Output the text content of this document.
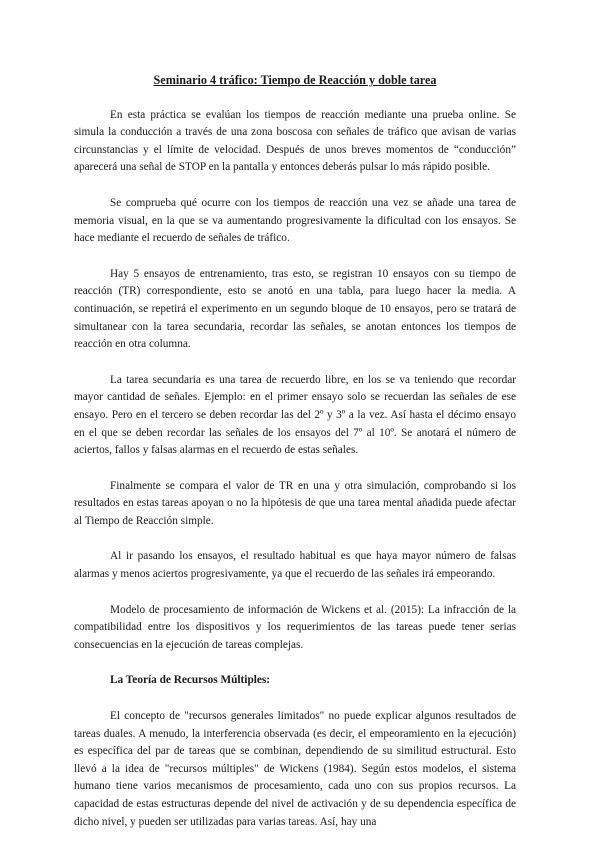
Seminario 4 tráfico: Tiempo de Reacción y doble tarea

En esta práctica se evalúan los tiempos de reacción mediante una prueba online. Se simula la conducción a través de una zona boscosa con señales de tráfico que avisan de varias circunstancias y el límite de velocidad. Después de unos breves momentos de “conducción” aparecerá una señal de STOP en la pantalla y entonces deberás pulsar lo más rápido posible.

Se comprueba qué ocurre con los tiempos de reacción una vez se añade una tarea de memoria visual, en la que se va aumentando progresivamente la dificultad con los ensayos. Se hace mediante el recuerdo de señales de tráfico.

Hay 5 ensayos de entrenamiento, tras esto, se registran 10 ensayos con su tiempo de reacción (TR) correspondiente, esto se anotó en una tabla, para luego hacer la media. A continuación, se repetirá el experimento en un segundo bloque de 10 ensayos, pero se tratará de simultanear con la tarea secundaria, recordar las señales, se anotan entonces los tiempos de reacción en otra columna.

La tarea secundaria es una tarea de recuerdo libre, en los se va teniendo que recordar mayor cantidad de señales. Ejemplo: en el primer ensayo solo se recuerdan las señales de ese ensayo. Pero en el tercero se deben recordar las del 2º y 3º a la vez. Así hasta el décimo ensayo en el que se deben recordar las señales de los ensayos del 7º al 10º. Se anotará el número de aciertos, fallos y falsas alarmas en el recuerdo de estas señales.

Finalmente se compara el valor de TR en una y otra simulación, comprobando si los resultados en estas tareas apoyan o no la hipótesis de que una tarea mental añadida puede afectar al Tiempo de Reacción simple.

Al ir pasando los ensayos, el resultado habitual es que haya mayor número de falsas alarmas y menos aciertos progresivamente, ya que el recuerdo de las señales irá empeorando.

Modelo de procesamiento de información de Wickens et al. (2015): La infracción de la compatibilidad entre los dispositivos y los requerimientos de las tareas puede tener serias consecuencias en la ejecución de tareas complejas.

La Teoría de Recursos Múltiples:

El concepto de "recursos generales limitados" no puede explicar algunos resultados de tareas duales. A menudo, la interferencia observada (es decir, el empeoramiento en la ejecución) es específica del par de tareas que se combinan, dependiendo de su similitud estructural. Esto llevó a la idea de "recursos múltiples" de Wickens (1984). Según estos modelos, el sistema humano tiene varios mecanismos de procesamiento, cada uno con sus propios recursos. La capacidad de estas estructuras depende del nivel de activación y de su dependencia específica de dicho nivel, y pueden ser utilizadas para varias tareas. Así, hay una
